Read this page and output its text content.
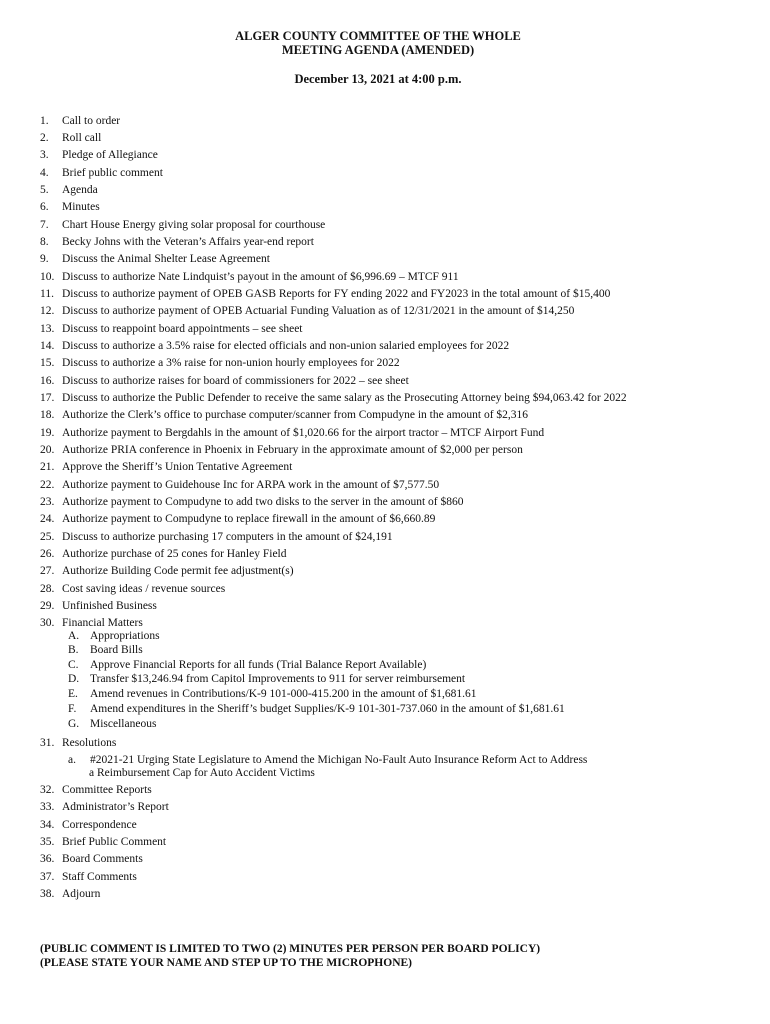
ALGER COUNTY COMMITTEE OF THE WHOLE
MEETING AGENDA (AMENDED)
December 13, 2021 at 4:00 p.m.
1. Call to order
2. Roll call
3. Pledge of Allegiance
4. Brief public comment
5. Agenda
6. Minutes
7. Chart House Energy giving solar proposal for courthouse
8. Becky Johns with the Veteran’s Affairs year-end report
9. Discuss the Animal Shelter Lease Agreement
10. Discuss to authorize Nate Lindquist’s payout in the amount of $6,996.69 – MTCF 911
11. Discuss to authorize payment of OPEB GASB Reports for FY ending 2022 and FY2023 in the total amount of $15,400
12. Discuss to authorize payment of OPEB Actuarial Funding Valuation as of 12/31/2021 in the amount of $14,250
13. Discuss to reappoint board appointments – see sheet
14. Discuss to authorize a 3.5% raise for elected officials and non-union salaried employees for 2022
15. Discuss to authorize a 3% raise for non-union hourly employees for 2022
16. Discuss to authorize raises for board of commissioners for 2022 – see sheet
17. Discuss to authorize the Public Defender to receive the same salary as the Prosecuting Attorney being $94,063.42 for 2022
18. Authorize the Clerk’s office to purchase computer/scanner from Compudyne in the amount of $2,316
19. Authorize payment to Bergdahls in the amount of $1,020.66 for the airport tractor – MTCF Airport Fund
20. Authorize PRIA conference in Phoenix in February in the approximate amount of $2,000 per person
21. Approve the Sheriff’s Union Tentative Agreement
22. Authorize payment to Guidehouse Inc for ARPA work in the amount of $7,577.50
23. Authorize payment to Compudyne to add two disks to the server in the amount of $860
24. Authorize payment to Compudyne to replace firewall in the amount of $6,660.89
25. Discuss to authorize purchasing 17 computers in the amount of $24,191
26. Authorize purchase of 25 cones for Hanley Field
27. Authorize Building Code permit fee adjustment(s)
28. Cost saving ideas / revenue sources
29. Unfinished Business
30. Financial Matters
A. Appropriations
B. Board Bills
C. Approve Financial Reports for all funds (Trial Balance Report Available)
D. Transfer $13,246.94 from Capitol Improvements to 911 for server reimbursement
E. Amend revenues in Contributions/K-9 101-000-415.200 in the amount of $1,681.61
F. Amend expenditures in the Sheriff’s budget Supplies/K-9 101-301-737.060 in the amount of $1,681.61
G. Miscellaneous
31. Resolutions
a. #2021-21 Urging State Legislature to Amend the Michigan No-Fault Auto Insurance Reform Act to Address
a Reimbursement Cap for Auto Accident Victims
32. Committee Reports
33. Administrator’s Report
34. Correspondence
35. Brief Public Comment
36. Board Comments
37. Staff Comments
38. Adjourn
(PUBLIC COMMENT IS LIMITED TO TWO (2) MINUTES PER PERSON PER BOARD POLICY)
(PLEASE STATE YOUR NAME AND STEP UP TO THE MICROPHONE)
